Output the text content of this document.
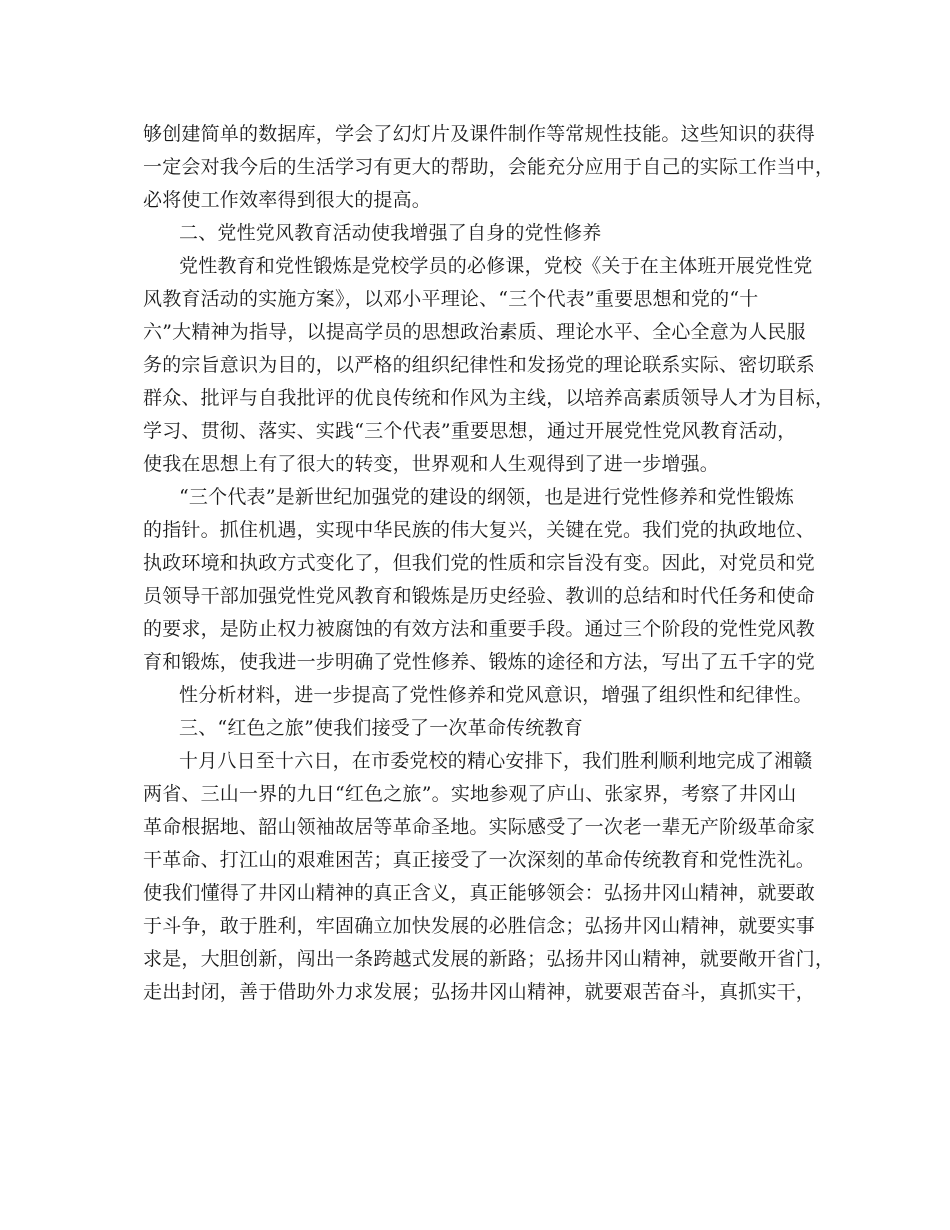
够创建简单的数据库，学会了幻灯片及课件制作等常规性技能。这些知识的获得
一定会对我今后的生活学习有更大的帮助，会能充分应用于自己的实际工作当中，
必将使工作效率得到很大的提高。
二、党性党风教育活动使我增强了自身的党性修养
党性教育和党性锻炼是党校学员的必修课，党校《关于在主体班开展党性党
风教育活动的实施方案》，以邓小平理论、“三个代表”重要思想和党的“十
六”大精神为指导，以提高学员的思想政治素质、理论水平、全心全意为人民服
务的宗旨意识为目的，以严格的组织纪律性和发扬党的理论联系实际、密切联系
群众、批评与自我批评的优良传统和作风为主线，以培养高素质领导人才为目标，
学习、贯彻、落实、实践“三个代表”重要思想，通过开展党性党风教育活动，
使我在思想上有了很大的转变，世界观和人生观得到了进一步增强。
“三个代表”是新世纪加强党的建设的纲领，也是进行党性修养和党性锻炼
的指针。抓住机遇，实现中华民族的伟大复兴，关键在党。我们党的执政地位、
执政环境和执政方式变化了，但我们党的性质和宗旨没有变。因此，对党员和党
员领导干部加强党性党风教育和锻炼是历史经验、教训的总结和时代任务和使命
的要求，是防止权力被腐蚀的有效方法和重要手段。通过三个阶段的党性党风教
育和锻炼，使我进一步明确了党性修养、锻炼的途径和方法，写出了五千字的党
性分析材料，进一步提高了党性修养和党风意识，增强了组织性和纪律性。
三、“红色之旅”使我们接受了一次革命传统教育
十月八日至十六日，在市委党校的精心安排下，我们胜利顺利地完成了湘赣
两省、三山一界的九日“红色之旅”。实地参观了庐山、张家界，考察了井冈山
革命根据地、韶山领袖故居等革命圣地。实际感受了一次老一辈无产阶级革命家
干革命、打江山的艰难困苦；真正接受了一次深刻的革命传统教育和党性洗礼。
使我们懂得了井冈山精神的真正含义，真正能够领会：弘扬井冈山精神，就要敢
于斗争，敢于胜利，牢固确立加快发展的必胜信念；弘扬井冈山精神，就要实事
求是，大胆创新，闯出一条跨越式发展的新路；弘扬井冈山精神，就要敞开省门，
走出封闭，善于借助外力求发展；弘扬井冈山精神，就要艰苦奋斗，真抓实干，
